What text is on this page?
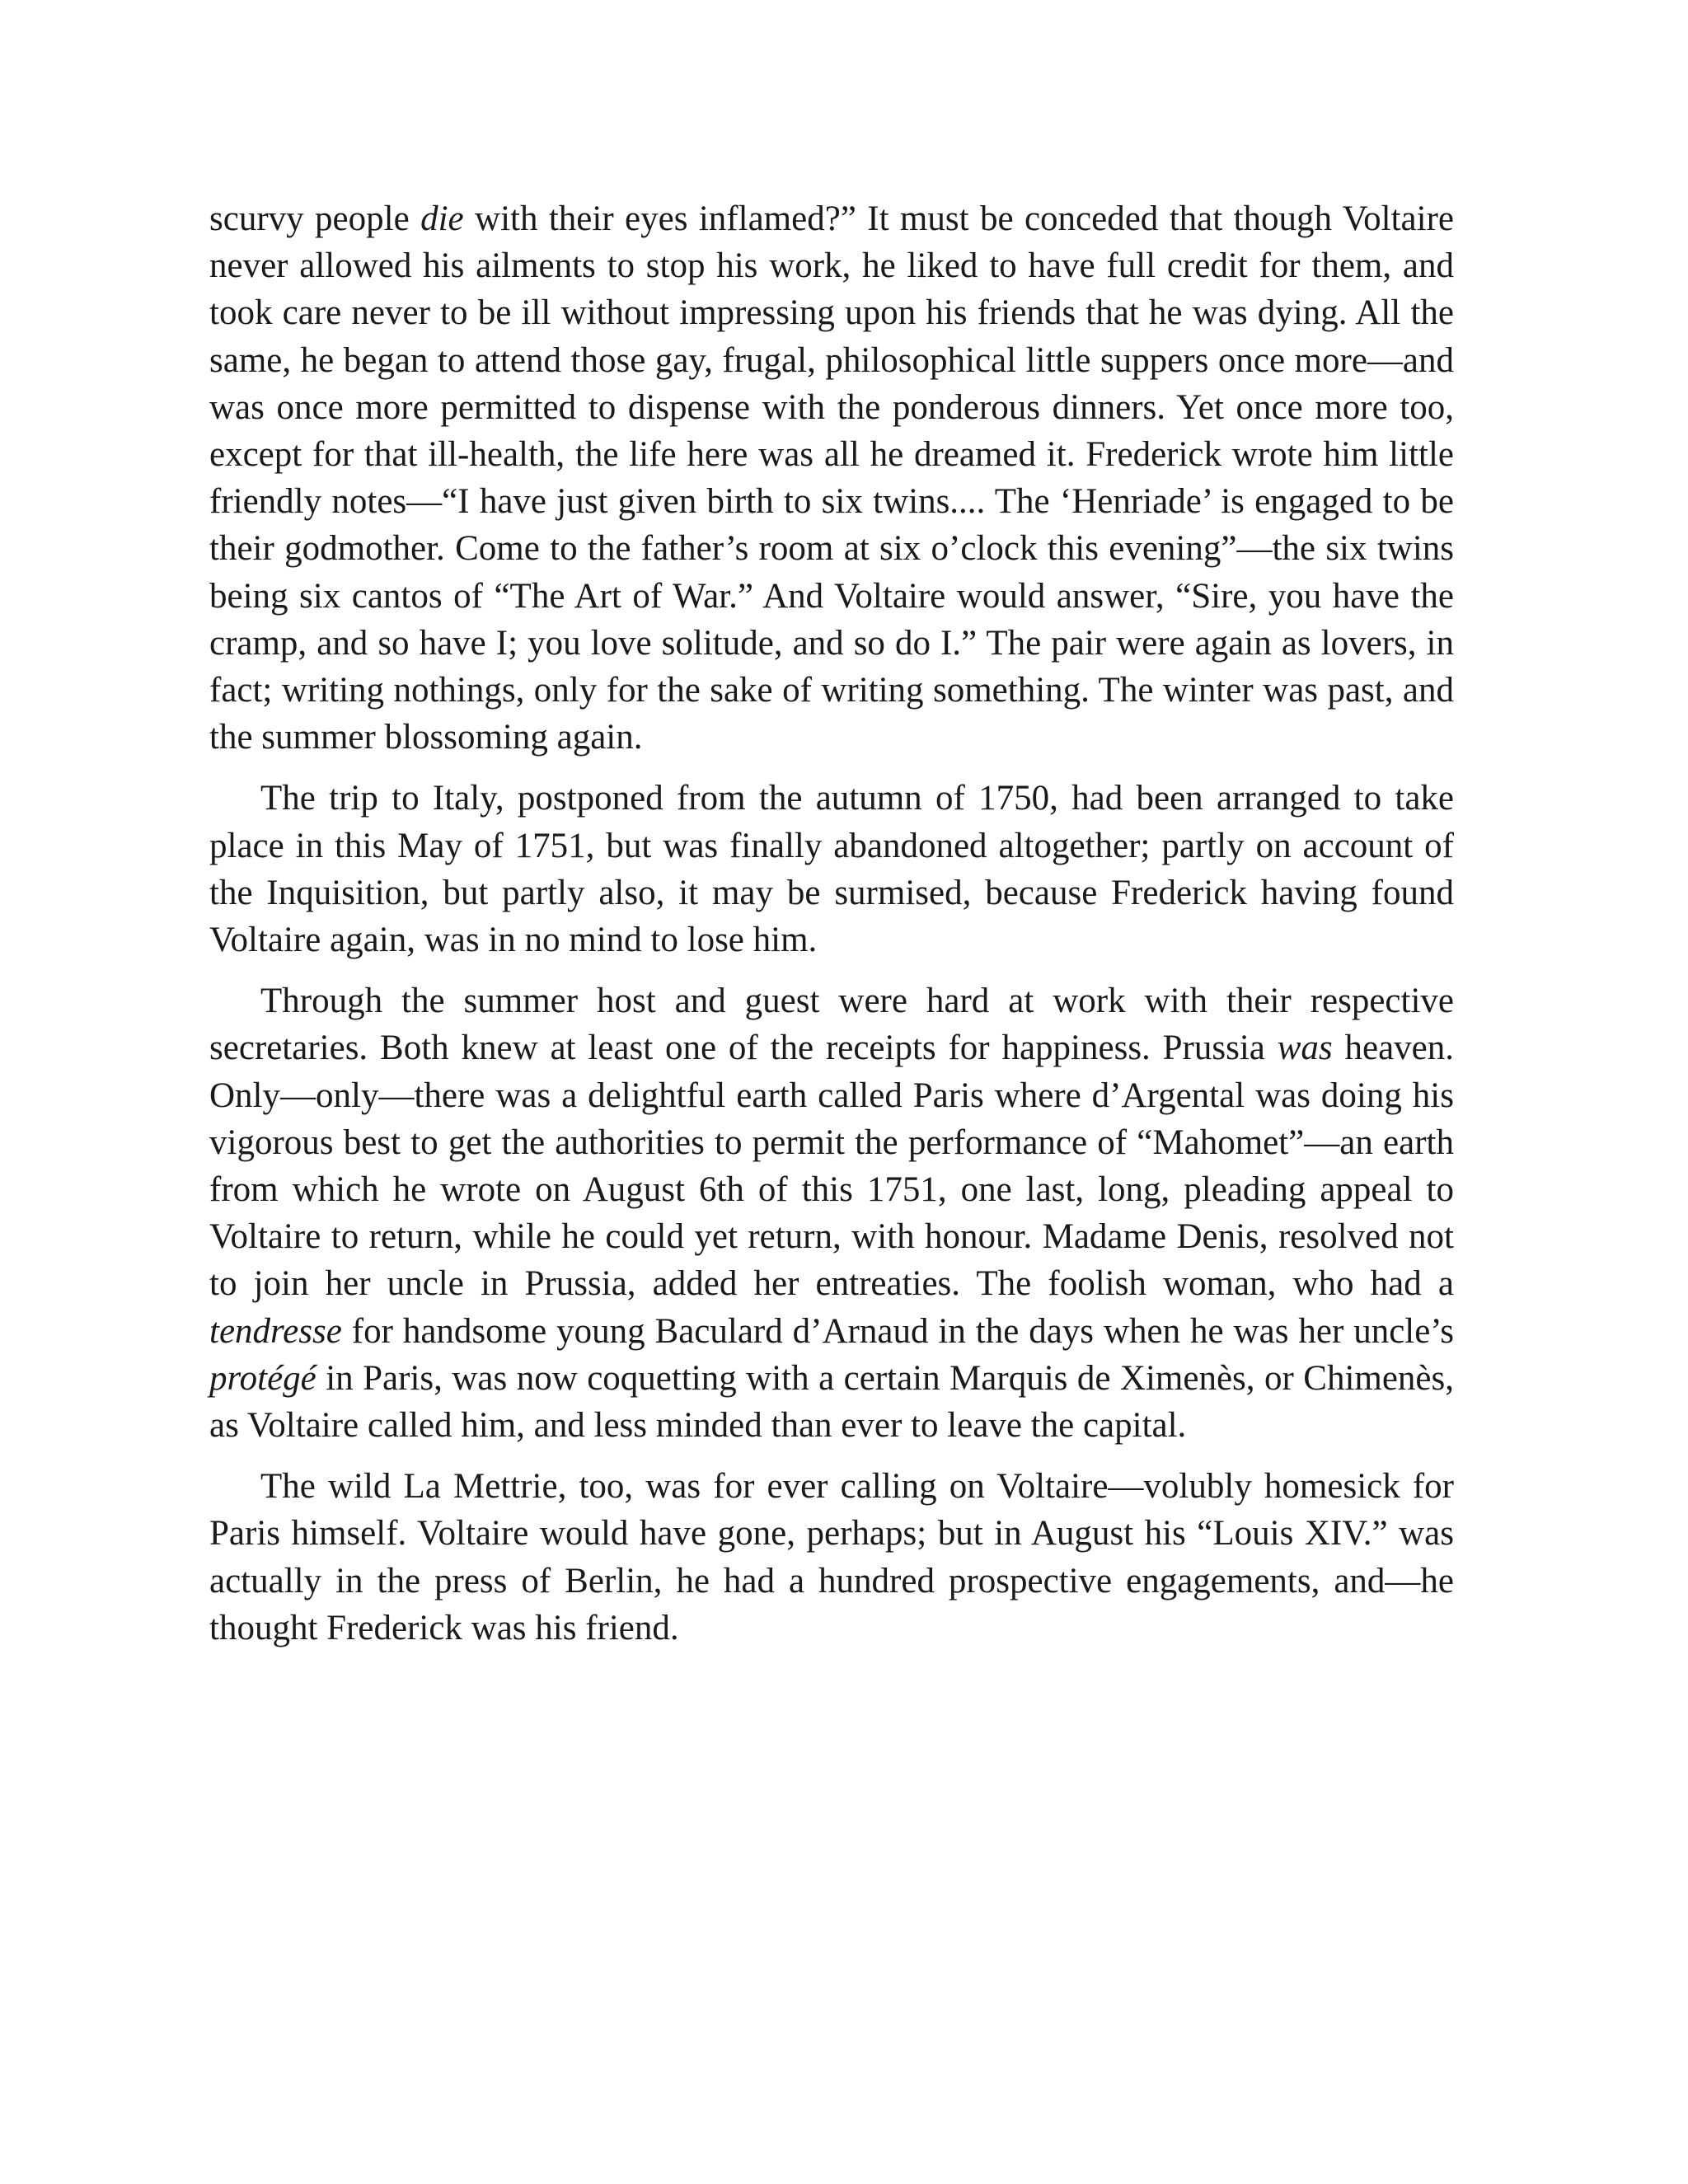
scurvy people die with their eyes inflamed?” It must be conceded that though Voltaire never allowed his ailments to stop his work, he liked to have full credit for them, and took care never to be ill without impressing upon his friends that he was dying. All the same, he began to attend those gay, frugal, philosophical little suppers once more—and was once more permitted to dispense with the ponderous dinners. Yet once more too, except for that ill-health, the life here was all he dreamed it. Frederick wrote him little friendly notes—“I have just given birth to six twins.... The ‘Henriade’ is engaged to be their godmother. Come to the father’s room at six o’clock this evening”—the six twins being six cantos of “The Art of War.” And Voltaire would answer, “Sire, you have the cramp, and so have I; you love solitude, and so do I.” The pair were again as lovers, in fact; writing nothings, only for the sake of writing something. The winter was past, and the summer blossoming again.

The trip to Italy, postponed from the autumn of 1750, had been arranged to take place in this May of 1751, but was finally abandoned altogether; partly on account of the Inquisition, but partly also, it may be surmised, because Frederick having found Voltaire again, was in no mind to lose him.

Through the summer host and guest were hard at work with their respective secretaries. Both knew at least one of the receipts for happiness. Prussia was heaven. Only—only—there was a delightful earth called Paris where d’Argental was doing his vigorous best to get the authorities to permit the performance of “Mahomet”—an earth from which he wrote on August 6th of this 1751, one last, long, pleading appeal to Voltaire to return, while he could yet return, with honour. Madame Denis, resolved not to join her uncle in Prussia, added her entreaties. The foolish woman, who had a tendresse for handsome young Baculard d’Arnaud in the days when he was her uncle’s protégé in Paris, was now coquetting with a certain Marquis de Ximenès, or Chimenès, as Voltaire called him, and less minded than ever to leave the capital.

The wild La Mettrie, too, was for ever calling on Voltaire—volubly homesick for Paris himself. Voltaire would have gone, perhaps; but in August his “Louis XIV.” was actually in the press of Berlin, he had a hundred prospective engagements, and—he thought Frederick was his friend.
